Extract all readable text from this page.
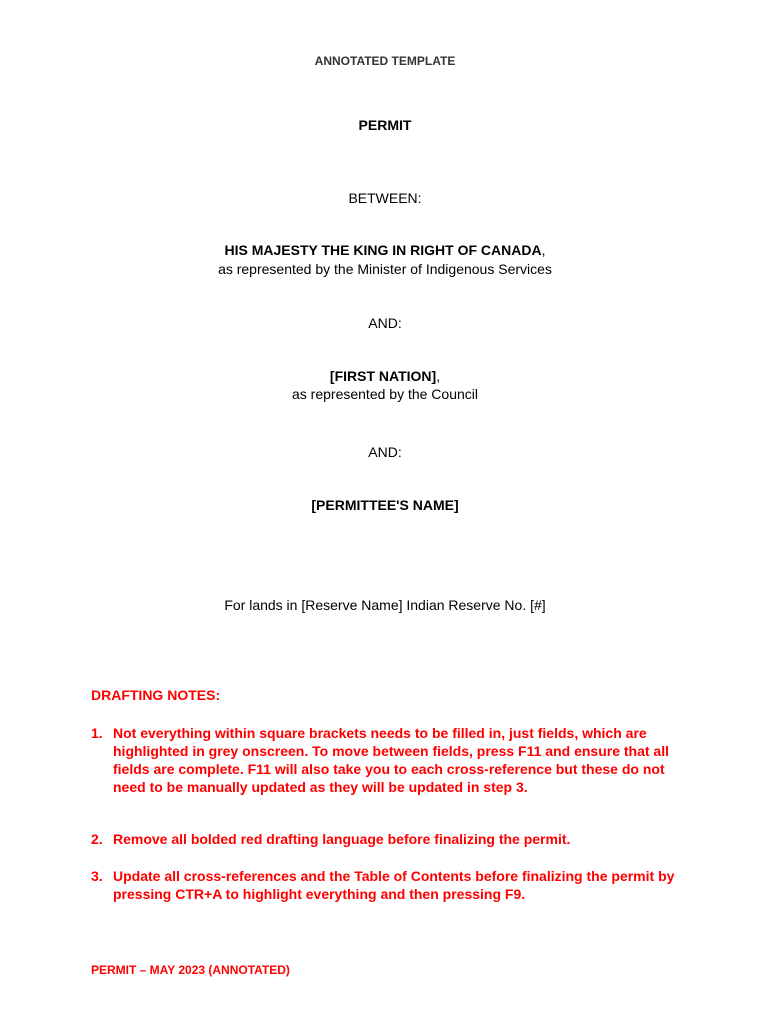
ANNOTATED TEMPLATE
PERMIT
BETWEEN:
HIS MAJESTY THE KING IN RIGHT OF CANADA,
as represented by the Minister of Indigenous Services
AND:
[FIRST NATION],
as represented by the Council
AND:
[PERMITTEE'S NAME]
For lands in [Reserve Name] Indian Reserve No. [#]
DRAFTING NOTES:
1. Not everything within square brackets needs to be filled in, just fields, which are highlighted in grey onscreen. To move between fields, press F11 and ensure that all fields are complete. F11 will also take you to each cross-reference but these do not need to be manually updated as they will be updated in step 3.
2. Remove all bolded red drafting language before finalizing the permit.
3. Update all cross-references and the Table of Contents before finalizing the permit by pressing CTR+A to highlight everything and then pressing F9.
PERMIT – MAY 2023 (ANNOTATED)
